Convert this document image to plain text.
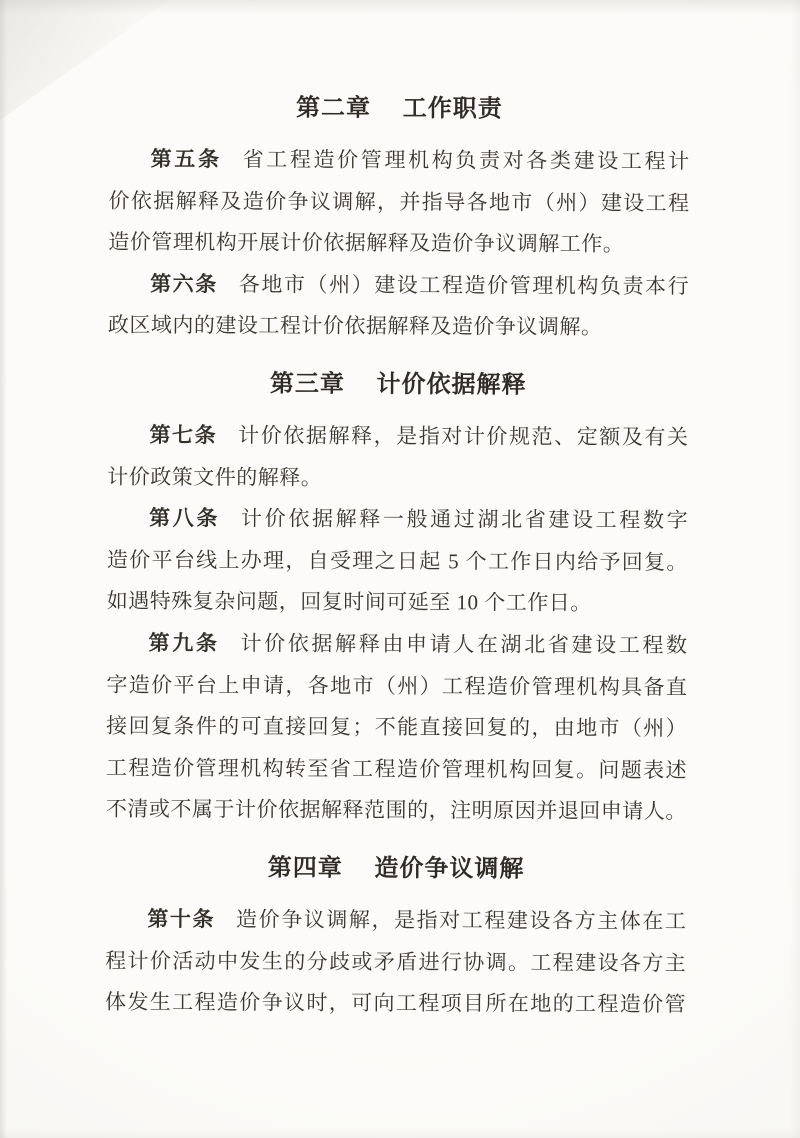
第二章 工作职责
第五条 省工程造价管理机构负责对各类建设工程计
价依据解释及造价争议调解，并指导各地市（州）建设工程
造价管理机构开展计价依据解释及造价争议调解工作。
第六条 各地市（州）建设工程造价管理机构负责本行
政区域内的建设工程计价依据解释及造价争议调解。
第三章 计价依据解释
第七条 计价依据解释，是指对计价规范、定额及有关
计价政策文件的解释。
第八条 计价依据解释一般通过湖北省建设工程数字
造价平台线上办理，自受理之日起 5 个工作日内给予回复。
如遇特殊复杂问题，回复时间可延至 10 个工作日。
第九条 计价依据解释由申请人在湖北省建设工程数
字造价平台上申请，各地市（州）工程造价管理机构具备直
接回复条件的可直接回复；不能直接回复的，由地市（州）
工程造价管理机构转至省工程造价管理机构回复。问题表述
不清或不属于计价依据解释范围的，注明原因并退回申请人。
第四章 造价争议调解
第十条 造价争议调解，是指对工程建设各方主体在工
程计价活动中发生的分歧或矛盾进行协调。工程建设各方主
体发生工程造价争议时，可向工程项目所在地的工程造价管
